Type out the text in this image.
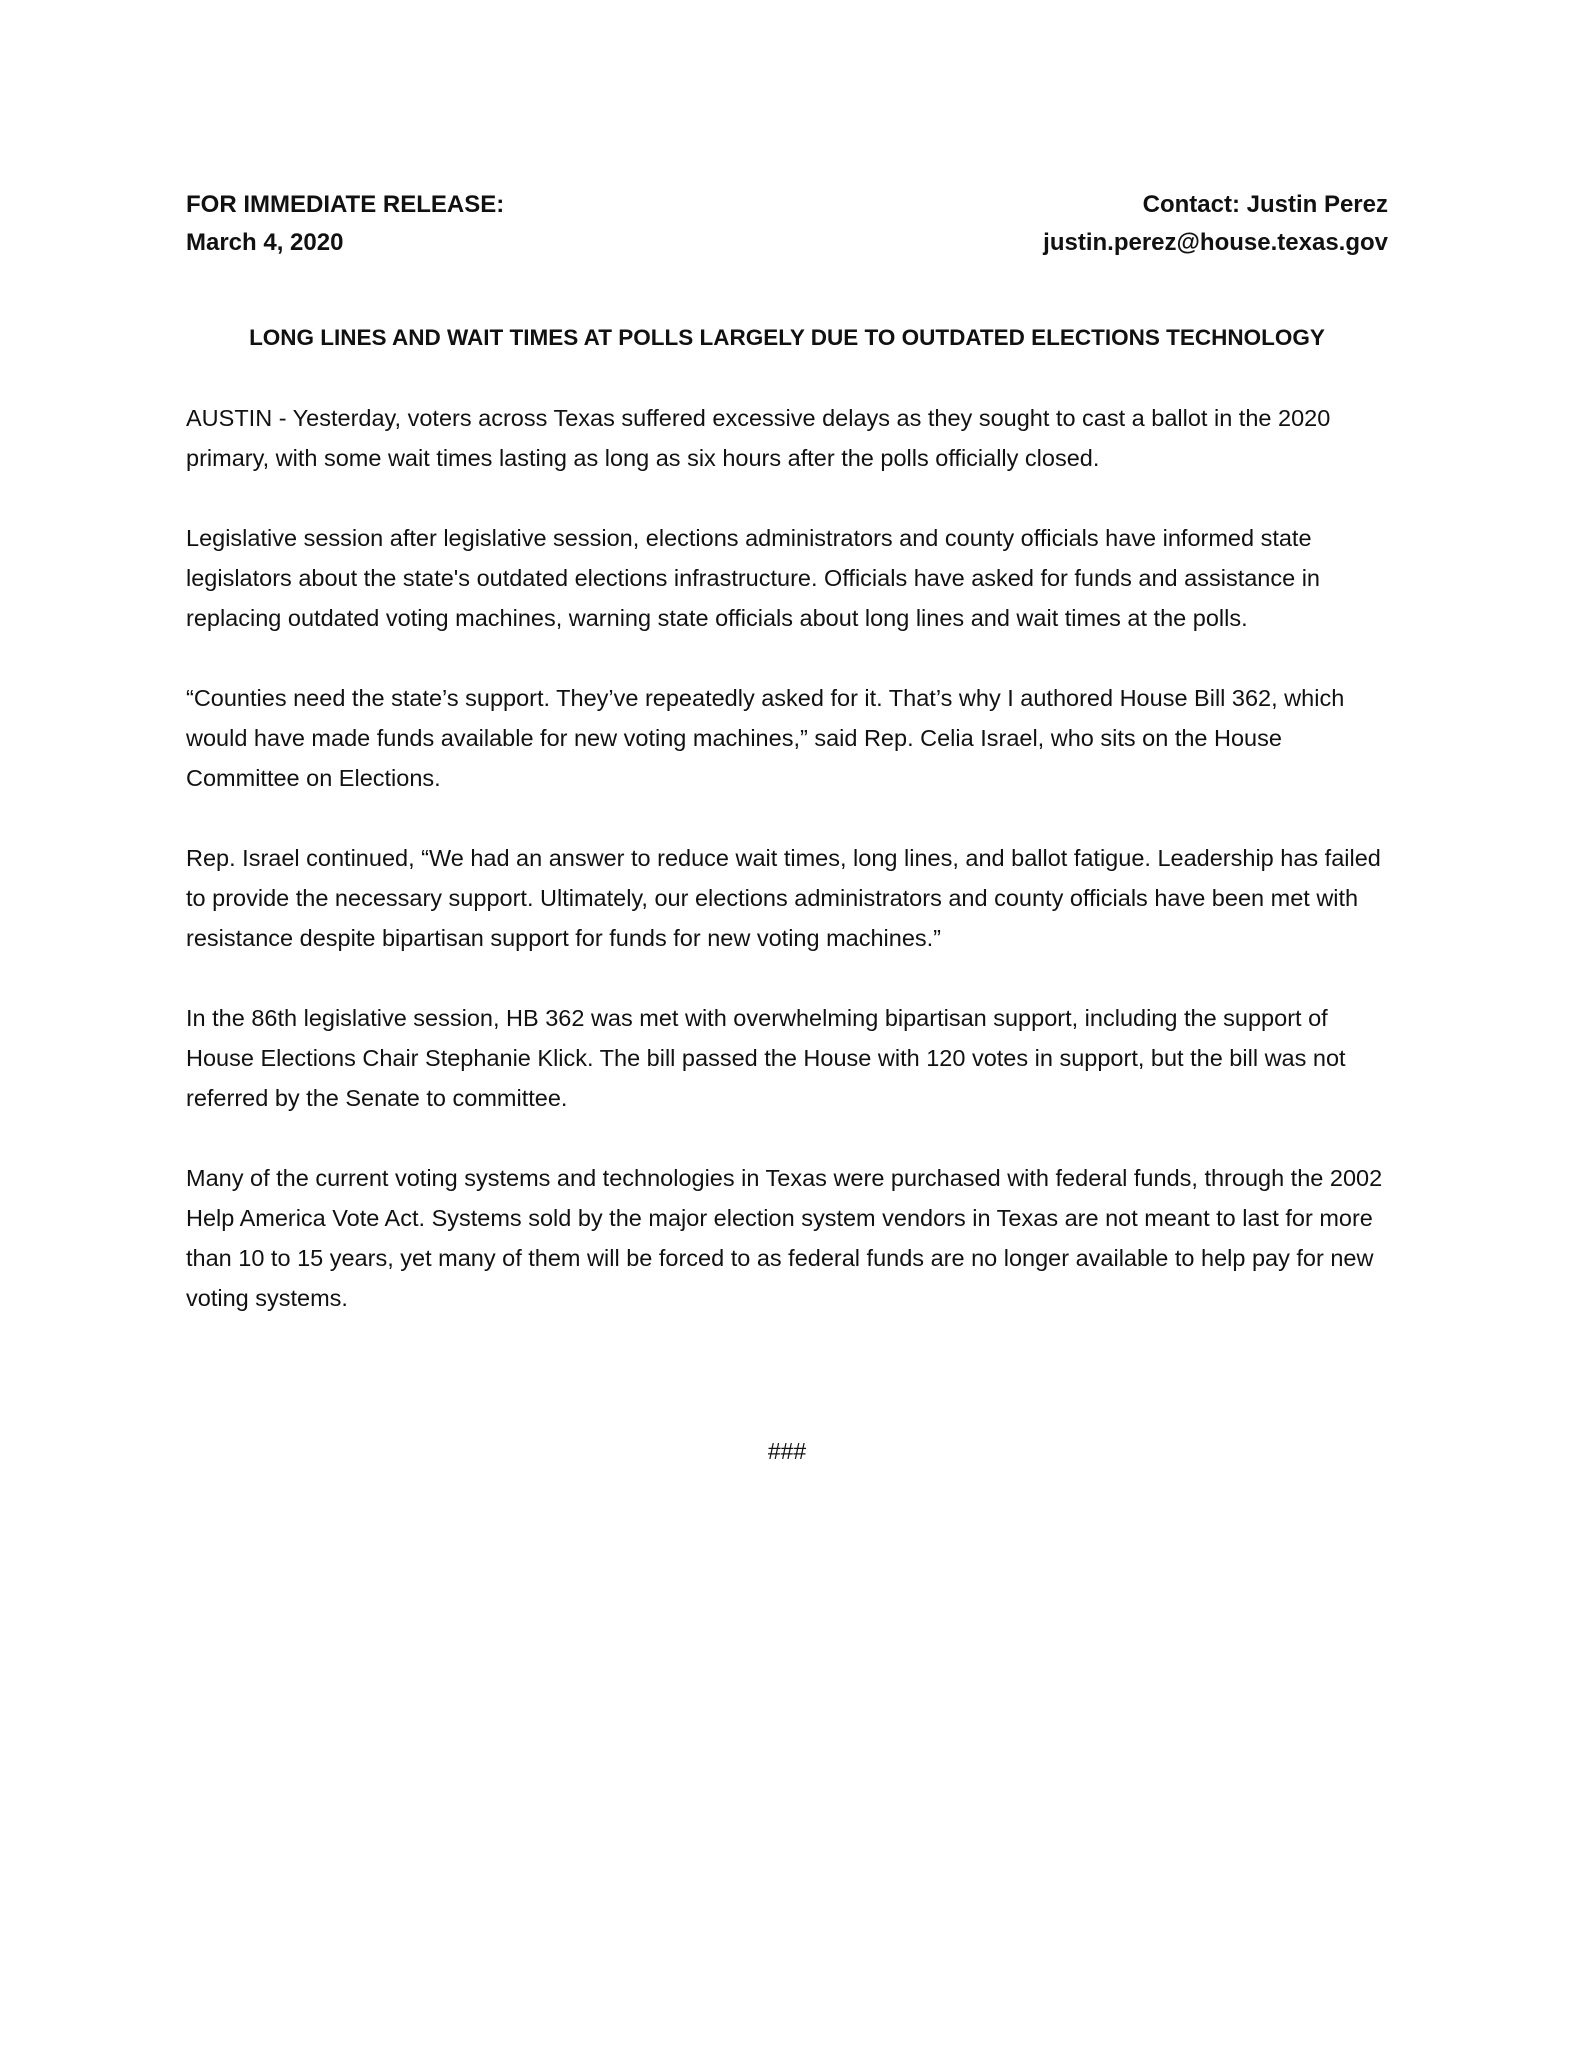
FOR IMMEDIATE RELEASE:
March 4, 2020
Contact: Justin Perez
justin.perez@house.texas.gov
LONG LINES AND WAIT TIMES AT POLLS LARGELY DUE TO OUTDATED ELECTIONS TECHNOLOGY

AUSTIN - Yesterday, voters across Texas suffered excessive delays as they sought to cast a ballot in the 2020 primary, with some wait times lasting as long as six hours after the polls officially closed.

Legislative session after legislative session, elections administrators and county officials have informed state legislators about the state's outdated elections infrastructure. Officials have asked for funds and assistance in replacing outdated voting machines, warning state officials about long lines and wait times at the polls.

“Counties need the state’s support. They’ve repeatedly asked for it. That’s why I authored House Bill 362, which would have made funds available for new voting machines,” said Rep. Celia Israel, who sits on the House Committee on Elections.

Rep. Israel continued, “We had an answer to reduce wait times, long lines, and ballot fatigue. Leadership has failed to provide the necessary support. Ultimately, our elections administrators and county officials have been met with resistance despite bipartisan support for funds for new voting machines.”

In the 86th legislative session, HB 362 was met with overwhelming bipartisan support, including the support of House Elections Chair Stephanie Klick. The bill passed the House with 120 votes in support, but the bill was not referred by the Senate to committee.

Many of the current voting systems and technologies in Texas were purchased with federal funds, through the 2002 Help America Vote Act. Systems sold by the major election system vendors in Texas are not meant to last for more than 10 to 15 years, yet many of them will be forced to as federal funds are no longer available to help pay for new voting systems.

###
